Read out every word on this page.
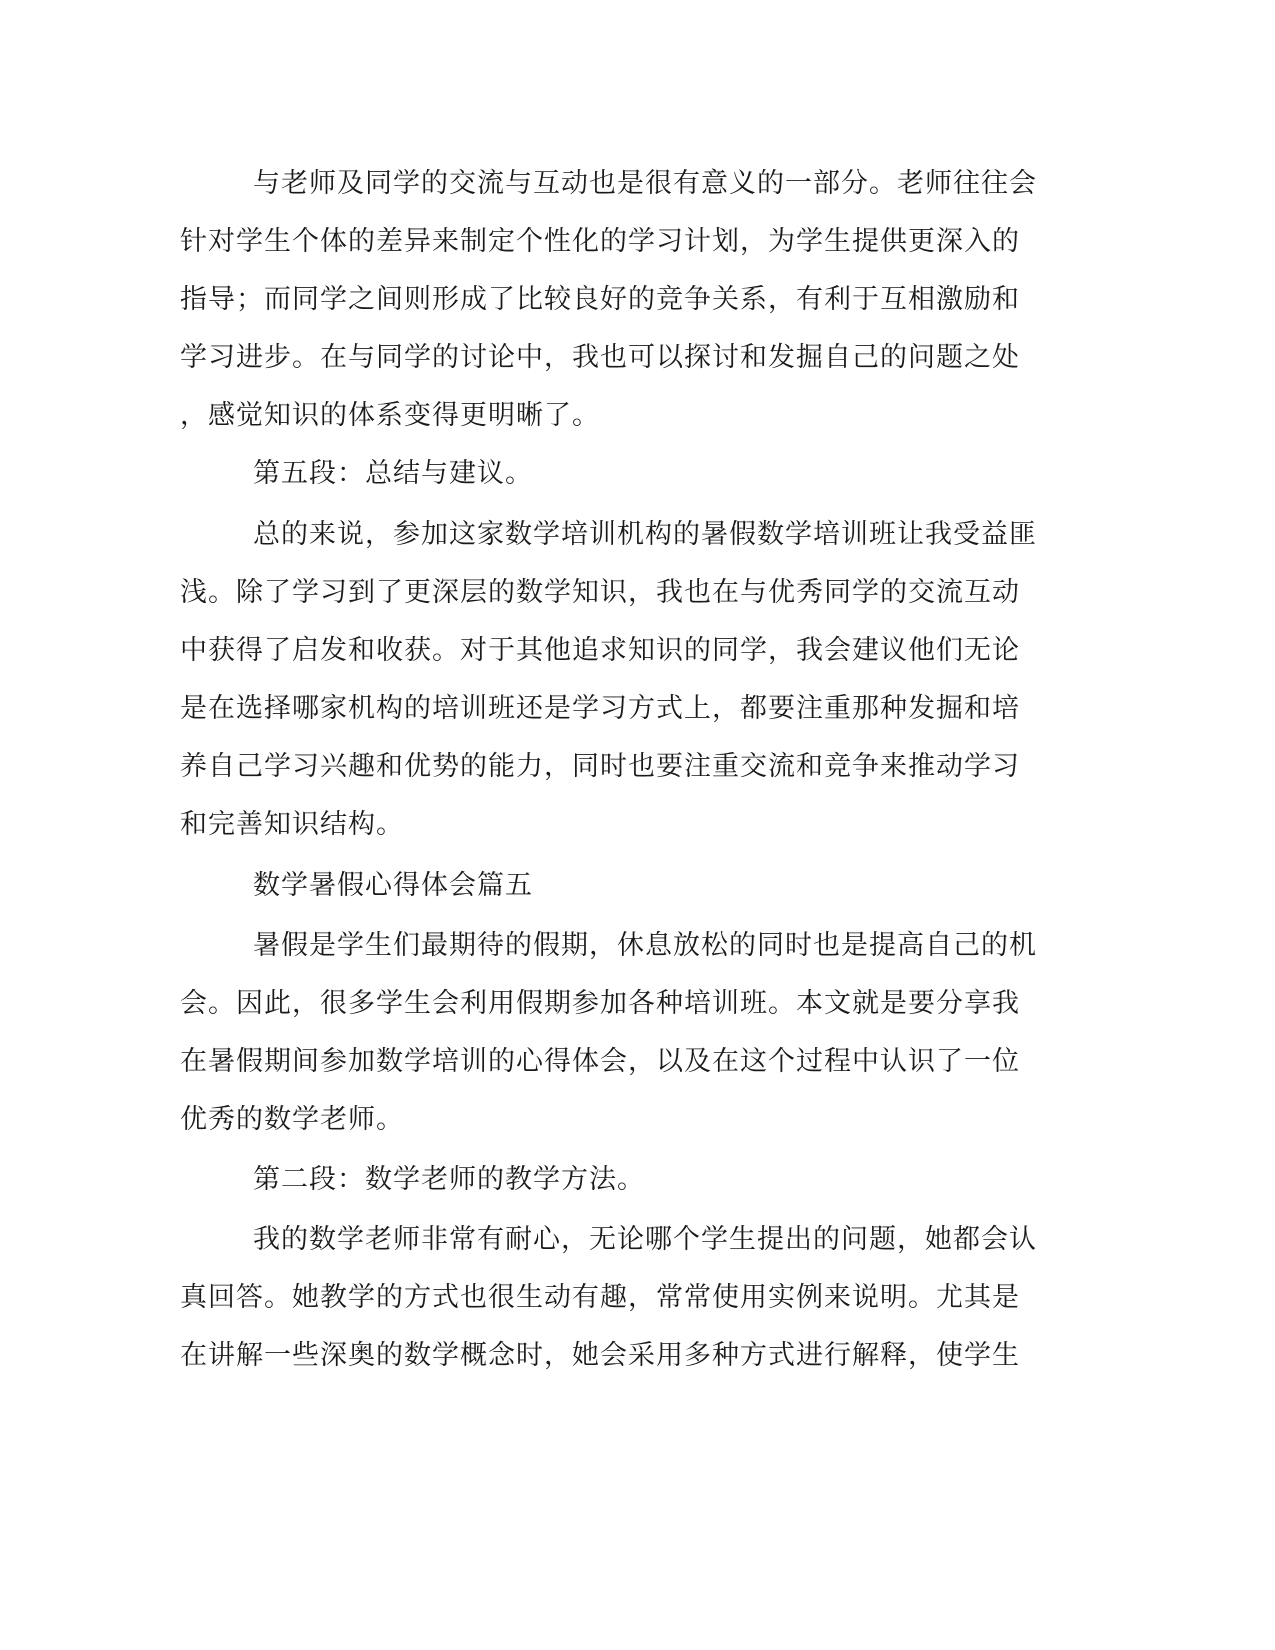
与老师及同学的交流与互动也是很有意义的一部分。老师往往会
针对学生个体的差异来制定个性化的学习计划，为学生提供更深入的
指导；而同学之间则形成了比较良好的竞争关系，有利于互相激励和
学习进步。在与同学的讨论中，我也可以探讨和发掘自己的问题之处
，感觉知识的体系变得更明晰了。
第五段：总结与建议。
总的来说，参加这家数学培训机构的暑假数学培训班让我受益匪
浅。除了学习到了更深层的数学知识，我也在与优秀同学的交流互动
中获得了启发和收获。对于其他追求知识的同学，我会建议他们无论
是在选择哪家机构的培训班还是学习方式上，都要注重那种发掘和培
养自己学习兴趣和优势的能力，同时也要注重交流和竞争来推动学习
和完善知识结构。
数学暑假心得体会篇五
暑假是学生们最期待的假期，休息放松的同时也是提高自己的机
会。因此，很多学生会利用假期参加各种培训班。本文就是要分享我
在暑假期间参加数学培训的心得体会，以及在这个过程中认识了一位
优秀的数学老师。
第二段：数学老师的教学方法。
我的数学老师非常有耐心，无论哪个学生提出的问题，她都会认
真回答。她教学的方式也很生动有趣，常常使用实例来说明。尤其是
在讲解一些深奥的数学概念时，她会采用多种方式进行解释，使学生
